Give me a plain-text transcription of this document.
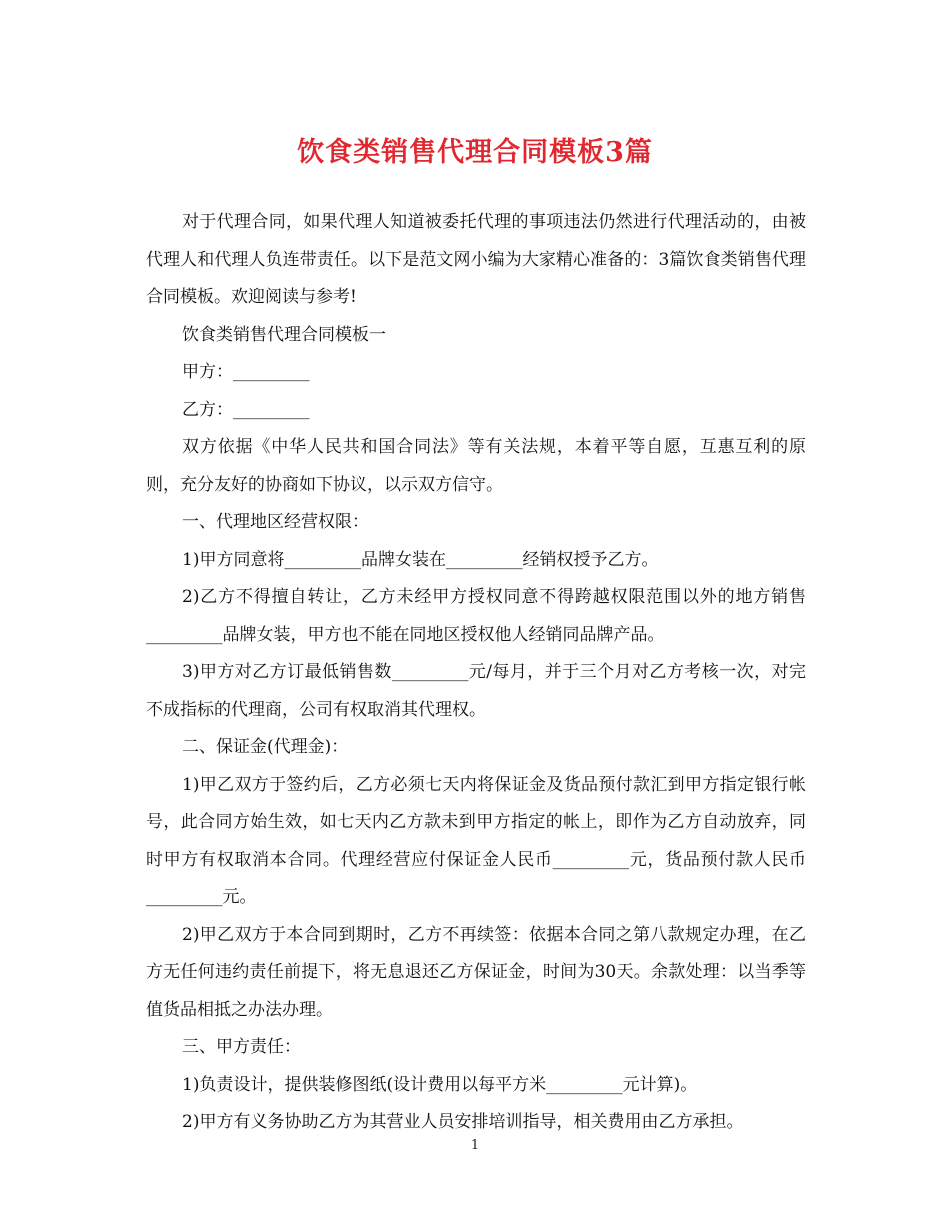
饮食类销售代理合同模板3篇

对于代理合同，如果代理人知道被委托代理的事项违法仍然进行代理活动的，由被代理人和代理人负连带责任。以下是范文网小编为大家精心准备的：3篇饮食类销售代理合同模板。欢迎阅读与参考!

饮食类销售代理合同模板一

甲方：_________

乙方：_________

双方依据《中华人民共和国合同法》等有关法规，本着平等自愿，互惠互利的原则，充分友好的协商如下协议，以示双方信守。

一、代理地区经营权限：

1)甲方同意将_________品牌女装在_________经销权授予乙方。

2)乙方不得擅自转让，乙方未经甲方授权同意不得跨越权限范围以外的地方销售_________品牌女装，甲方也不能在同地区授权他人经销同品牌产品。

3)甲方对乙方订最低销售数_________元/每月，并于三个月对乙方考核一次，对完不成指标的代理商，公司有权取消其代理权。

二、保证金(代理金)：

1)甲乙双方于签约后，乙方必须七天内将保证金及货品预付款汇到甲方指定银行帐号，此合同方始生效，如七天内乙方款未到甲方指定的帐上，即作为乙方自动放弃，同时甲方有权取消本合同。代理经营应付保证金人民币_________元，货品预付款人民币_________元。

2)甲乙双方于本合同到期时，乙方不再续签：依据本合同之第八款规定办理，在乙方无任何违约责任前提下，将无息退还乙方保证金，时间为30天。余款处理：以当季等值货品相抵之办法办理。

三、甲方责任：

1)负责设计，提供装修图纸(设计费用以每平方米_________元计算)。

2)甲方有义务协助乙方为其营业人员安排培训指导，相关费用由乙方承担。

1
